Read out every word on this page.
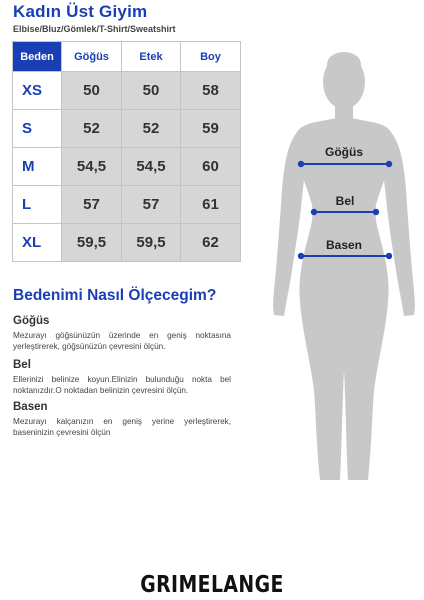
Kadın Üst Giyim
Elbise/Bluz/Gömlek/T-Shirt/Sweatshirt
Beden	Göğüs	Etek	Boy
XS	50	50	58
S	52	52	59
M	54,5	54,5	60
L	57	57	61
XL	59,5	59,5	62
Bedenimi Nasıl Ölçecegim?
Göğüs
Mezurayı göğsünüzün üzerinde en geniş noktasına yerleştirerek, göğsünüzün çevresini ölçün.
Bel
Ellerinizi belinize koyun.Elinizin bulunduğu nokta bel noktanızdır.O noktadan belinizin çevresini ölçün.
Basen
Mezurayı kalçanızın en geniş yerine yerleştirerek, baseninizin çevresini ölçün
Göğüs
Bel
Basen
GRIMELANGE
